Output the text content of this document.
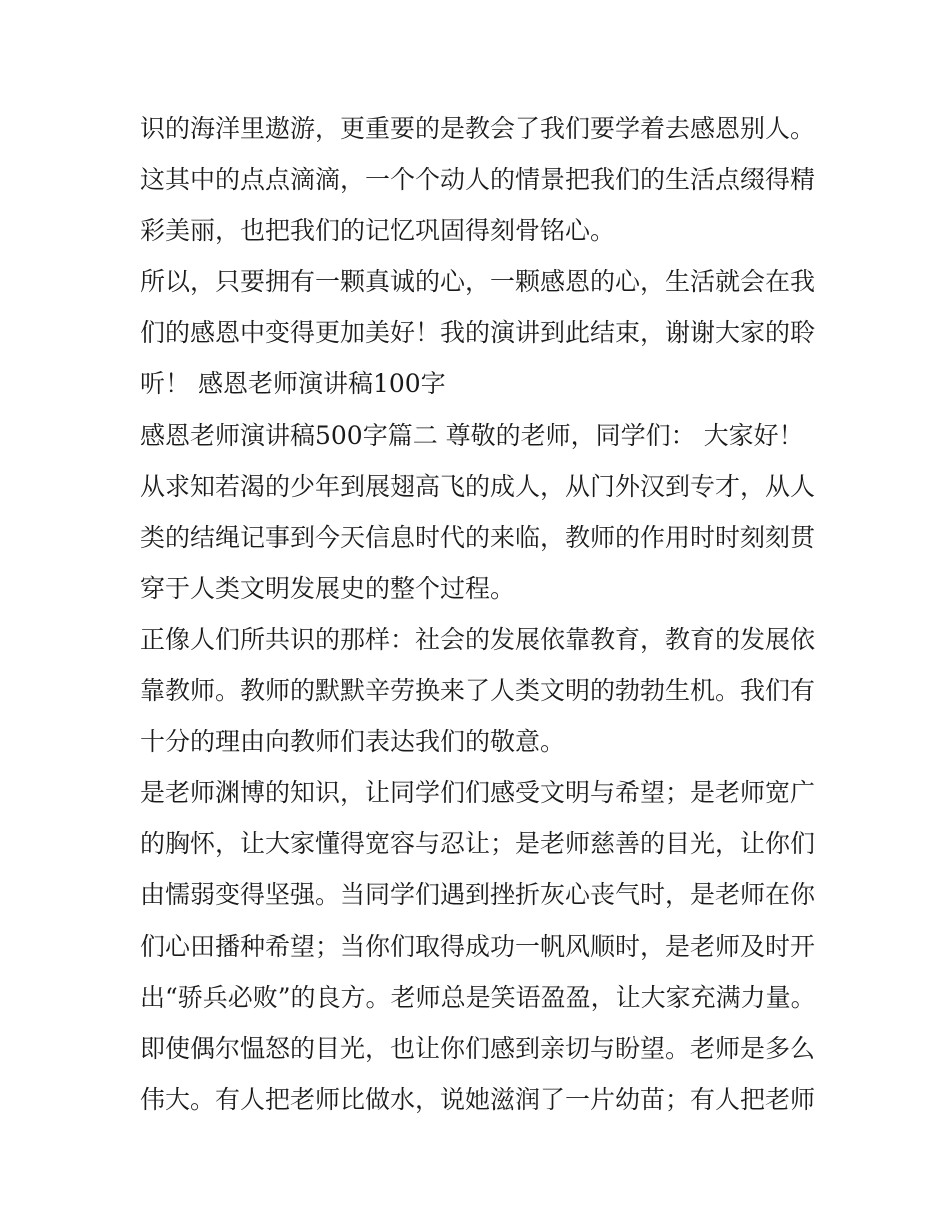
识的海洋里遨游，更重要的是教会了我们要学着去感恩别人。
这其中的点点滴滴，一个个动人的情景把我们的生活点缀得精
彩美丽，也把我们的记忆巩固得刻骨铭心。
所以，只要拥有一颗真诚的心，一颗感恩的心，生活就会在我
们的感恩中变得更加美好！我的演讲到此结束，谢谢大家的聆
听！ 感恩老师演讲稿100字
感恩老师演讲稿500字篇二 尊敬的老师，同学们： 大家好！
从求知若渴的少年到展翅高飞的成人，从门外汉到专才，从人
类的结绳记事到今天信息时代的来临，教师的作用时时刻刻贯
穿于人类文明发展史的整个过程。
正像人们所共识的那样：社会的发展依靠教育，教育的发展依
靠教师。教师的默默辛劳换来了人类文明的勃勃生机。我们有
十分的理由向教师们表达我们的敬意。
是老师渊博的知识，让同学们们感受文明与希望；是老师宽广
的胸怀，让大家懂得宽容与忍让；是老师慈善的目光，让你们
由懦弱变得坚强。当同学们遇到挫折灰心丧气时，是老师在你
们心田播种希望；当你们取得成功一帆风顺时，是老师及时开
出“骄兵必败”的良方。老师总是笑语盈盈，让大家充满力量。
即使偶尔愠怒的目光，也让你们感到亲切与盼望。老师是多么
伟大。有人把老师比做水，说她滋润了一片幼苗；有人把老师
